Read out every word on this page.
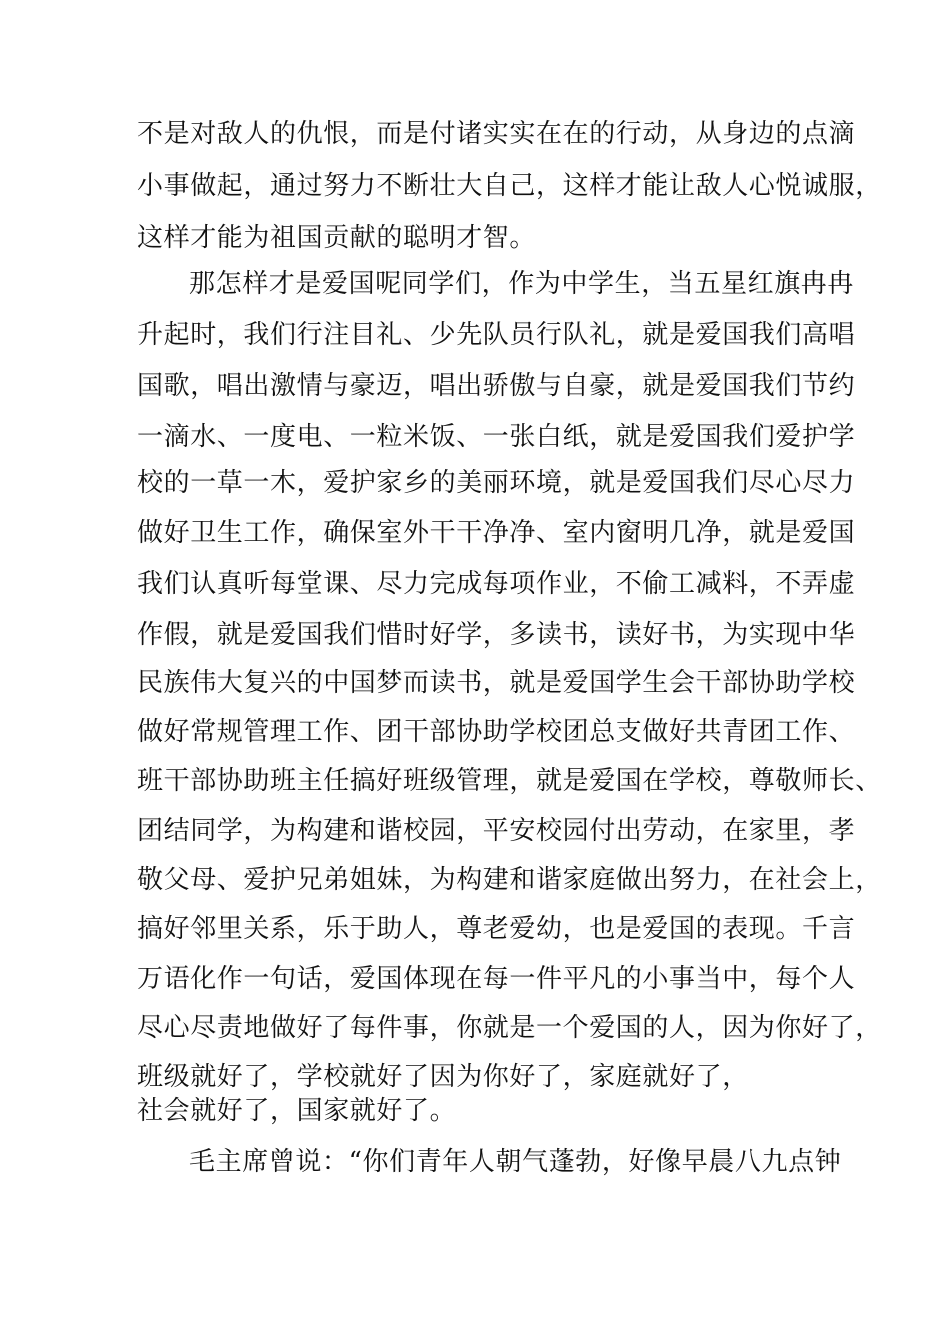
不是对敌人的仇恨，而是付诸实实在在的行动，从身边的点滴
小事做起，通过努力不断壮大自己，这样才能让敌人心悦诚服，
这样才能为祖国贡献的聪明才智。
那怎样才是爱国呢同学们，作为中学生，当五星红旗冉冉
升起时，我们行注目礼、少先队员行队礼，就是爱国我们高唱
国歌，唱出激情与豪迈，唱出骄傲与自豪，就是爱国我们节约
一滴水、一度电、一粒米饭、一张白纸，就是爱国我们爱护学
校的一草一木，爱护家乡的美丽环境，就是爱国我们尽心尽力
做好卫生工作，确保室外干干净净、室内窗明几净，就是爱国
我们认真听每堂课、尽力完成每项作业，不偷工减料，不弄虚
作假，就是爱国我们惜时好学，多读书，读好书，为实现中华
民族伟大复兴的中国梦而读书，就是爱国学生会干部协助学校
做好常规管理工作、团干部协助学校团总支做好共青团工作、
班干部协助班主任搞好班级管理，就是爱国在学校，尊敬师长、
团结同学，为构建和谐校园，平安校园付出劳动，在家里，孝
敬父母、爱护兄弟姐妹，为构建和谐家庭做出努力，在社会上，
搞好邻里关系，乐于助人，尊老爱幼，也是爱国的表现。千言
万语化作一句话，爱国体现在每一件平凡的小事当中，每个人
尽心尽责地做好了每件事，你就是一个爱国的人，因为你好了，
班级就好了，学校就好了因为你好了，家庭就好了，
社会就好了，国家就好了。
毛主席曾说：“你们青年人朝气蓬勃，好像早晨八九点钟
